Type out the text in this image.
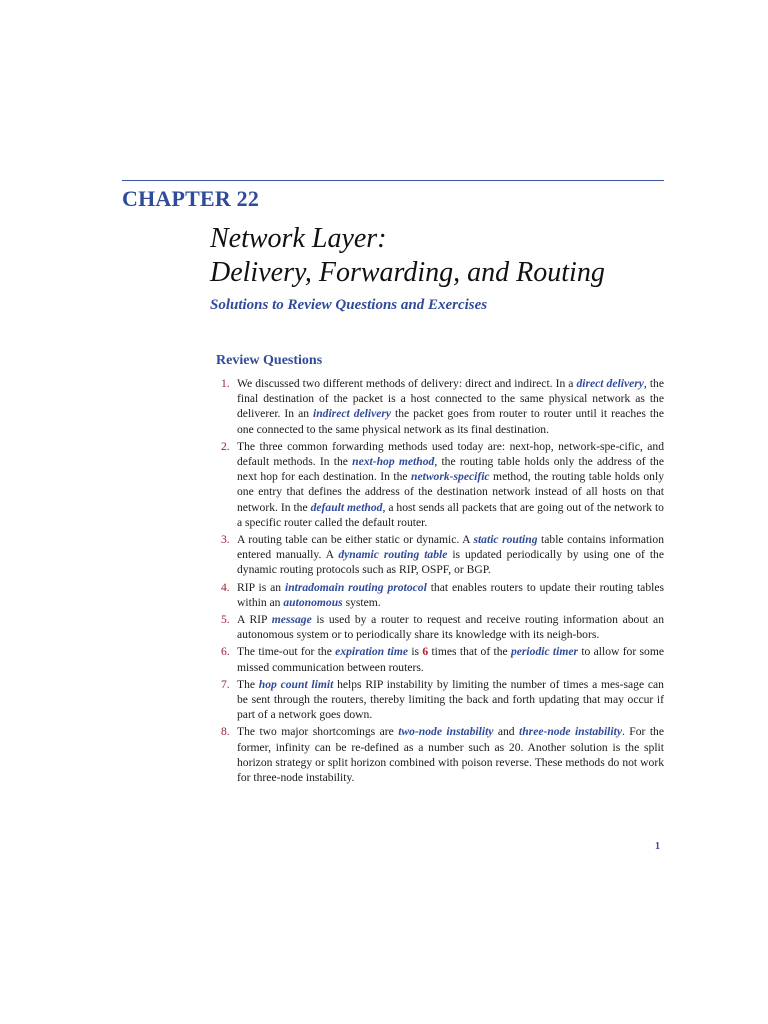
CHAPTER 22
Network Layer:
Delivery, Forwarding, and Routing
Solutions to Review Questions and Exercises
Review Questions
1. We discussed two different methods of delivery: direct and indirect. In a direct delivery, the final destination of the packet is a host connected to the same physical network as the deliverer. In an indirect delivery the packet goes from router to router until it reaches the one connected to the same physical network as its final destination.
2. The three common forwarding methods used today are: next-hop, network-spe-cific, and default methods. In the next-hop method, the routing table holds only the address of the next hop for each destination. In the network-specific method, the routing table holds only one entry that defines the address of the destination network instead of all hosts on that network. In the default method, a host sends all packets that are going out of the network to a specific router called the default router.
3. A routing table can be either static or dynamic. A static routing table contains information entered manually. A dynamic routing table is updated periodically by using one of the dynamic routing protocols such as RIP, OSPF, or BGP.
4. RIP is an intradomain routing protocol that enables routers to update their routing tables within an autonomous system.
5. A RIP message is used by a router to request and receive routing information about an autonomous system or to periodically share its knowledge with its neigh-bors.
6. The time-out for the expiration time is 6 times that of the periodic timer to allow for some missed communication between routers.
7. The hop count limit helps RIP instability by limiting the number of times a mes-sage can be sent through the routers, thereby limiting the back and forth updating that may occur if part of a network goes down.
8. The two major shortcomings are two-node instability and three-node instability. For the former, infinity can be re-defined as a number such as 20. Another solution is the split horizon strategy or split horizon combined with poison reverse. These methods do not work for three-node instability.
1
